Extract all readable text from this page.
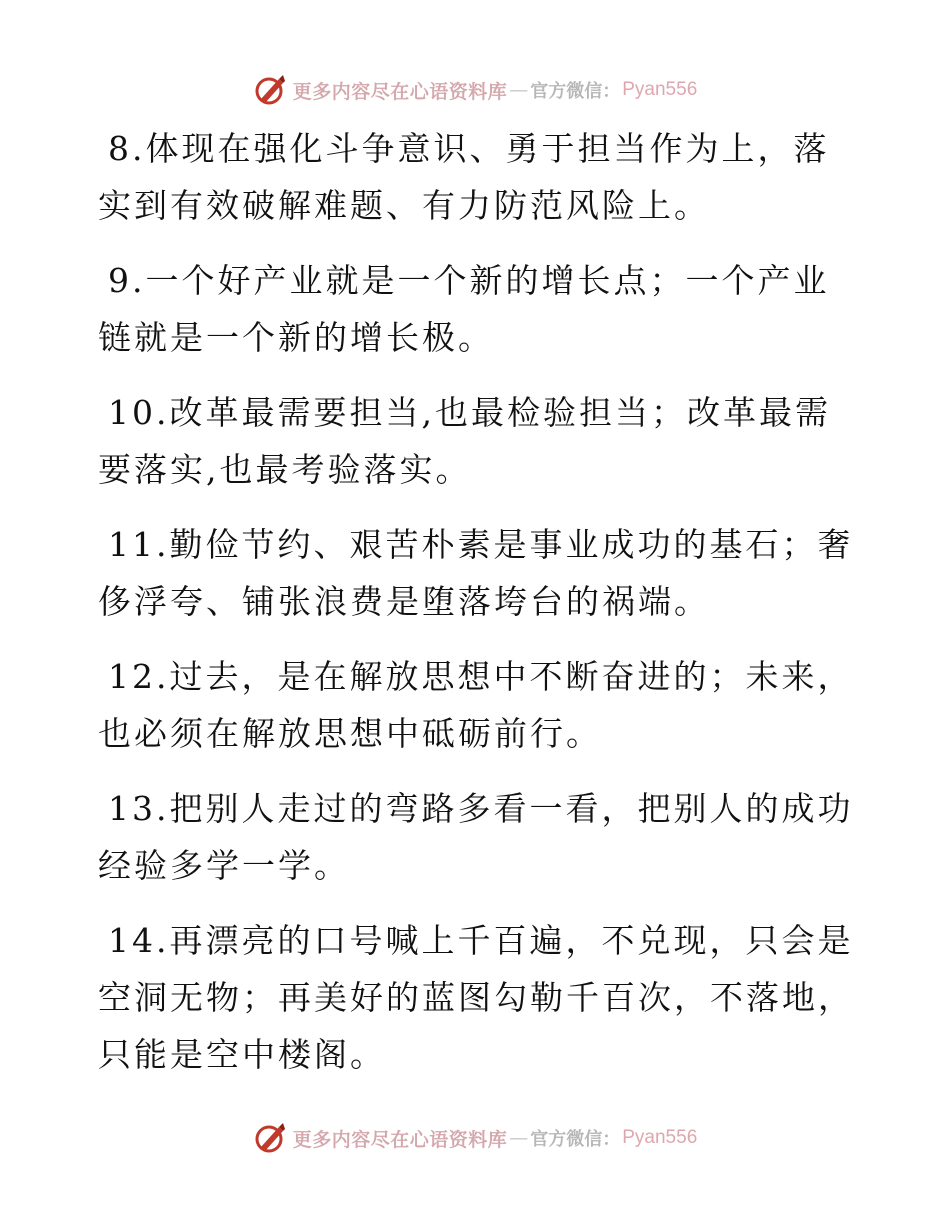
更多内容尽在心语资料库 — 官方微信： Pyan556

8.体现在强化斗争意识、勇于担当作为上，落实到有效破解难题、有力防范风险上。

9.一个好产业就是一个新的增长点；一个产业链就是一个新的增长极。

10.改革最需要担当,也最检验担当；改革最需要落实,也最考验落实。

11.勤俭节约、艰苦朴素是事业成功的基石；奢侈浮夸、铺张浪费是堕落垮台的祸端。

12.过去，是在解放思想中不断奋进的；未来，也必须在解放思想中砥砺前行。

13.把别人走过的弯路多看一看，把别人的成功经验多学一学。

14.再漂亮的口号喊上千百遍，不兑现，只会是空洞无物；再美好的蓝图勾勒千百次，不落地，只能是空中楼阁。

更多内容尽在心语资料库 — 官方微信： Pyan556
